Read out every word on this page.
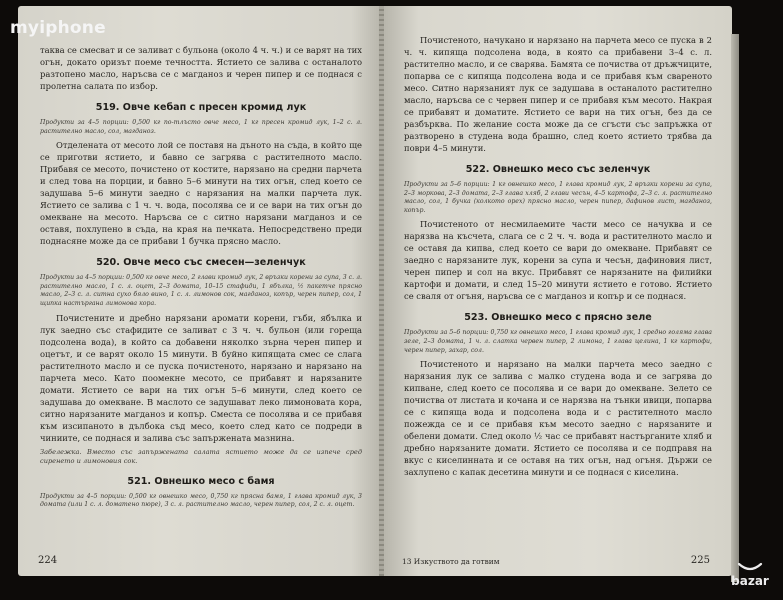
myiphone

таква се смесват и се заливат с бульона (около 4 ч. ч.) и се варят на тих огън, докато оризът поеме течността. Ястието се залива с останалото разтопено масло, наръсва се с магданоз и черен пипер и се поднася с пролетна салата по избор.

519. Овче кебап с пресен кромид лук

Продукти за 4–5 порции: 0,500 кг по-тлъсто овче месо, 1 кг пресен кромид лук, 1–2 с. л. растително масло, сол, магданоз.

Отделената от месото лой се поставя на дъното на съда, в който ще се приготви ястието, и бавно се загрява с растителното масло. Прибавя се месото, почистено от костите, нарязано на средни парчета и след това на порции, и бавно 5–6 минути на тих огън, след което се задушава 5–6 минути заедно с нарязания на малки парчета лук. Ястието се залива с 1 ч. ч. вода, посолява се и се вари на тих огън до омекване на месото. Наръсва се с ситно нарязани магданоз и се оставя, похлупено в съда, на края на печката. Непосредствено преди поднасяне може да се прибави 1 бучка прясно масло.

520. Овче месо със смесен—зеленчук

Продукти за 4–5 порции: 0,500 кг овче месо, 2 глави кромид лук, 2 връзки корени за супа, 3 с. л. растително масло, 1 с. л. оцет, 2–3 домата, 10–15 стафиди, 1 ябълка, ½ пакетче прясно масло, 2–3 с. л. ситна сухо бяло вино, 1 с. л. лимонов сок, магданоз, копър, черен пипер, сол, 1 щипка настъргана лимонова кора.

Почистените и дребно нарязани аромати корени, гъби, ябълка и лук заедно със стафидите се заливат с 3 ч. ч. бульон (или гореща подсолена вода), в който са добавени няколко зърна черен пипер и оцетът, и се варят около 15 минути. В буйно кипящата смес се слага растителното масло и се пуска почистеното, нарязано и нарязано на парчета месо. Като поомекне месото, се прибавят и нарязаните домати. Ястието се вари на тих огън 5–6 минути, след което се задушава до омекване. В маслото се задушават леко лимоновата кора, ситно нарязаните магданоз и копър. Сместа се посолява и се прибавя към изсипаното в дълбока съд месо, което след като се подреди в чиниите, се поднася и залива със запържената мазнина.

Забележка. Вместо със запържената салата ястието може да се изпече сред сиренето и лимоновия сок.

521. Овнешко месо с бамя

Продукти за 4–5 порции: 0,500 кг овнешко месо, 0,750 кг прясна бамя, 1 глава кромид лук, 3 домата (или 1 с. л. доматено пюре), 3 с. л. растително масло, черен пипер, сол, 2 с. л. оцет.

224

Почистеното, начукано и нарязано на парчета месо се пуска в 2 ч. ч. кипяща подсолена вода, в която са прибавени 3–4 с. л. растително масло, и се сварява. Бамята се почиства от дръжчиците, попарва се с кипяща подсолена вода и се прибавя към свареното месо. Ситно нарязаният лук се задушава в останалото растително масло, наръсва се с червен пипер и се прибавя към месото. Накрая се прибавят и доматите. Ястието се вари на тих огън, без да се разбърква. По желание соста може да се сгъсти със запръжка от разтворено в студена вода брашно, след което ястието трябва да поври 4–5 минути.

522. Овнешко месо със зеленчук

Продукти за 5–6 порции: 1 кг овнешко месо, 1 глава кромид лук, 2 връзки корени за супа, 2–3 моркова, 2–3 домата, 2–3 глава хляб, 2 глави чесън, 4–5 картофа, 2–3 с. л. растително масло, сол, 1 бучка (колкото орех) прясно масло, черен пипер, дафинов лист, магданоз, копър.

Почистеното от несмилаемите части месо се начуква и се нарязва на късчета, слага се с 2 ч. ч. вода и растителното масло и се оставя да кипва, след което се вари до омекване. Прибавят се заедно с нарязаните лук, корени за супа и чесън, дафиновия лист, черен пипер и сол на вкус. Прибавят се нарязаните на филийки картофи и домати, и след 15–20 минути ястието е готово. Ястието се сваля от огъня, наръсва се с магданоз и копър и се поднася.

523. Овнешко месо с прясно зеле

Продукти за 5–6 порции: 0,750 кг овнешко месо, 1 глава кромид лук, 1 средно голяма глава зеле, 2–3 домата, 1 ч. л. слатка червен пипер, 2 лимона, 1 глава целина, 1 кг картофи, черен пипер, захар, сол.

Почистеното и нарязано на малки парчета месо заедно с нарязания лук се залива с малко студена вода и се загрява до кипване, след което се посолява и се вари до омекване. Зелето се почиства от листата и кочана и се нарязва на тънки ивици, попарва се с кипяща вода и подсолена вода и с растителното масло пожежда се и се прибавя към месото заедно с нарязаните и обелени домати. След около ½ час се прибавят настърганите хляб и дребно нарязаните домати. Ястието се посолява и се подправя на вкус с киселинната и се оставя на тих огън, над огъня. Държи се захлупено с капак десетина минути и се поднася с киселина.

13 Изкуството да готвим	225
bazar
